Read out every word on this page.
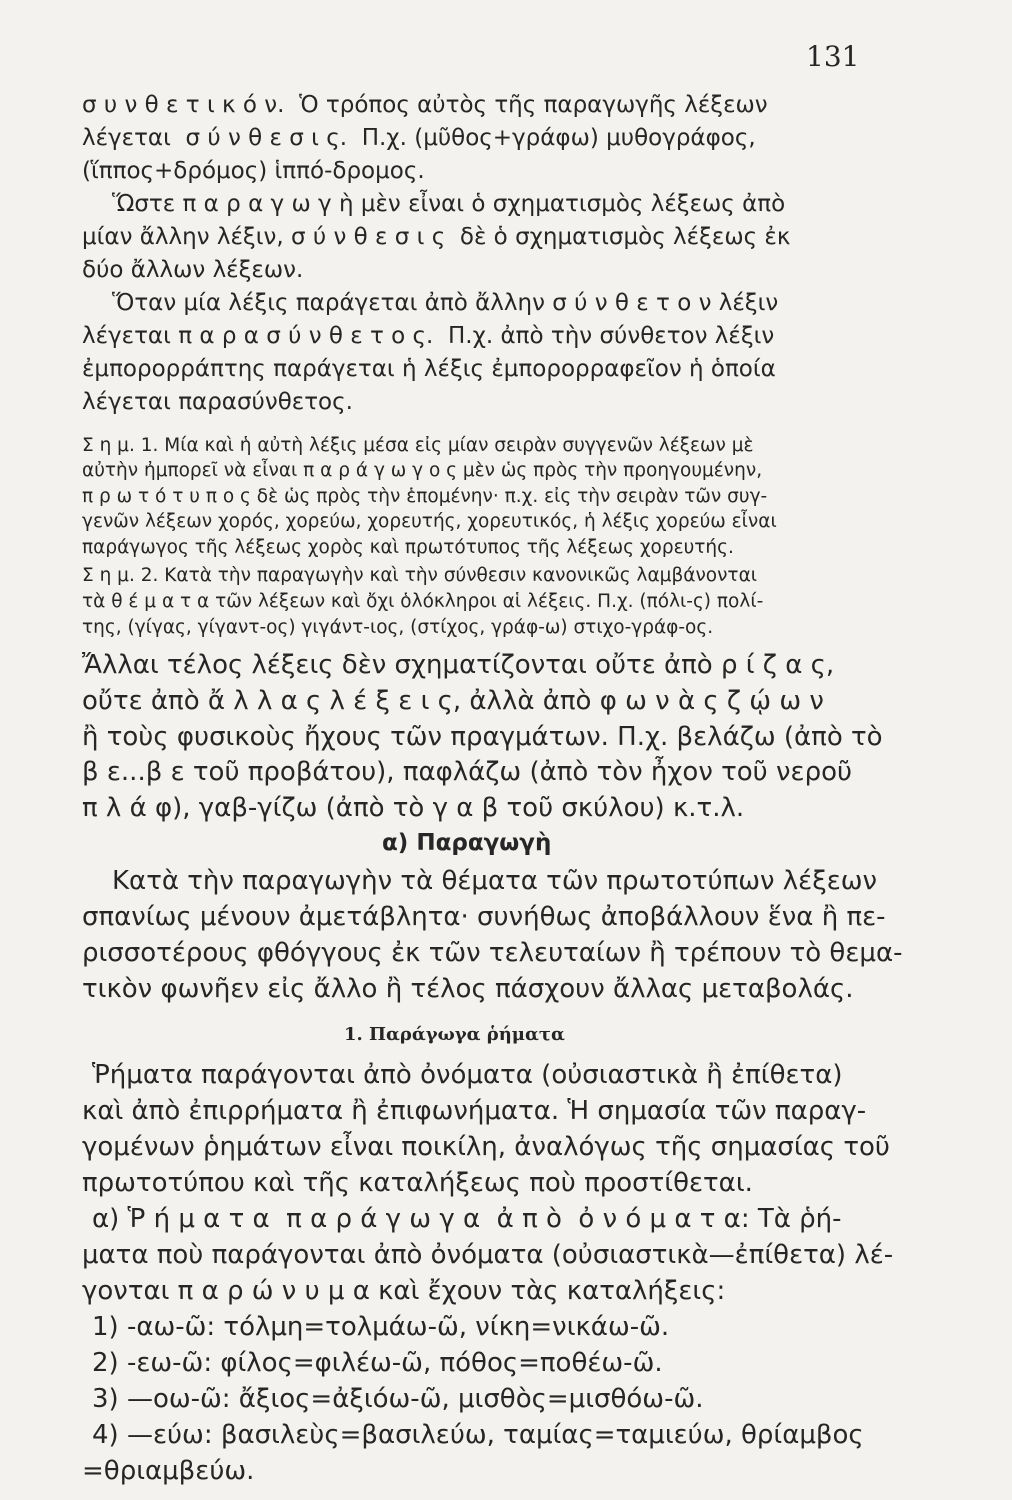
131
σ υ ν θ ε τ ι κ ό ν.  Ὁ τρόπος αὐτὸς τῆς παραγωγῆς λέξεων
λέγεται  σ ύ ν θ ε σ ι ς.  Π.χ. (μῦθος+γράφω) μυθογράφος,
(ἵππος+δρόμος) ἱππό-δρομος.
Ὥστε π α ρ α γ ω γ ὴ μὲν εἶναι ὁ σχηματισμὸς λέξεως ἀπὸ
μίαν ἄλλην λέξιν, σ ύ ν θ ε σ ι ς  δὲ ὁ σχηματισμὸς λέξεως ἐκ
δύο ἄλλων λέξεων.
Ὅταν μία λέξις παράγεται ἀπὸ ἄλλην σ ύ ν θ ε τ ο ν λέξιν
λέγεται π α ρ α σ ύ ν θ ε τ ο ς.  Π.χ. ἀπὸ τὴν σύνθετον λέξιν
ἐμπορορράπτης παράγεται ἡ λέξις ἐμπορορραφεῖον ἡ ὁποία
λέγεται παρασύνθετος.
Σ η μ. 1. Μία καὶ ἡ αὐτὴ λέξις μέσα εἰς μίαν σειρὰν συγγενῶν λέξεων μὲ
αὐτὴν ἠμπορεῖ νὰ εἶναι π α ρ ά γ ω γ ο ς μὲν ὡς πρὸς τὴν προηγουμένην,
π ρ ω τ ό τ υ π ο ς δὲ ὡς πρὸς τὴν ἑπομένην· π.χ. εἰς τὴν σειρὰν τῶν συγ-
γενῶν λέξεων χορός, χορεύω, χορευτής, χορευτικός, ἡ λέξις χορεύω εἶναι
παράγωγος τῆς λέξεως χορὸς καὶ πρωτότυπος τῆς λέξεως χορευτής.
Σ η μ. 2. Κατὰ τὴν παραγωγὴν καὶ τὴν σύνθεσιν κανονικῶς λαμβάνονται
τὰ θ έ μ α τ α τῶν λέξεων καὶ ὄχι ὁλόκληροι αἱ λέξεις. Π.χ. (πόλι-ς) πολί-
της, (γίγας, γίγαντ-ος) γιγάντ-ιος, (στίχος, γράφ-ω) στιχο-γράφ-ος.
Ἄλλαι τέλος λέξεις δὲν σχηματίζονται οὔτε ἀπὸ ρ ί ζ α ς,
οὔτε ἀπὸ ἄ λ λ α ς λ έ ξ ε ι ς, ἀλλὰ ἀπὸ φ ω ν ὰ ς ζ ῴ ω ν
ἢ τοὺς φυσικοὺς ἤχους τῶν πραγμάτων. Π.χ. βελάζω (ἀπὸ τὸ
β ε...β ε τοῦ προβάτου), παφλάζω (ἀπὸ τὸν ἦχον τοῦ νεροῦ
π λ ά φ), γαβ-γίζω (ἀπὸ τὸ γ α β τοῦ σκύλου) κ.τ.λ.
α) Παραγωγὴ
Κατὰ τὴν παραγωγὴν τὰ θέματα τῶν πρωτοτύπων λέξεων
σπανίως μένουν ἀμετάβλητα· συνήθως ἀποβάλλουν ἕνα ἢ πε-
ρισσοτέρους φθόγγους ἐκ τῶν τελευταίων ἢ τρέπουν τὸ θεμα-
τικὸν φωνῆεν εἰς ἄλλο ἢ τέλος πάσχουν ἄλλας μεταβολάς.
1. Παράγωγα ῥήματα
Ῥήματα παράγονται ἀπὸ ὀνόματα (οὐσιαστικὰ ἢ ἐπίθετα)
καὶ ἀπὸ ἐπιρρήματα ἢ ἐπιφωνήματα. Ἡ σημασία τῶν παραγ-
γομένων ῥημάτων εἶναι ποικίλη, ἀναλόγως τῆς σημασίας τοῦ
πρωτοτύπου καὶ τῆς καταλήξεως ποὺ προστίθεται.
α) Ῥ ή μ α τ α  π α ρ ά γ ω γ α  ἀ π ὸ  ὀ ν ό μ α τ α: Τὰ ῥή-
ματα ποὺ παράγονται ἀπὸ ὀνόματα (οὐσιαστικὰ—ἐπίθετα) λέ-
γονται π α ρ ώ ν υ μ α καὶ ἔχουν τὰς καταλήξεις:
1) -αω-ῶ: τόλμη=τολμάω-ῶ, νίκη=νικάω-ῶ.
2) -εω-ῶ: φίλος=φιλέω-ῶ, πόθος=ποθέω-ῶ.
3) —οω-ῶ: ἄξιος=ἀξιόω-ῶ, μισθὸς=μισθόω-ῶ.
4) —εύω: βασιλεὺς=βασιλεύω, ταμίας=ταμιεύω, θρίαμβος
=θριαμβεύω.
